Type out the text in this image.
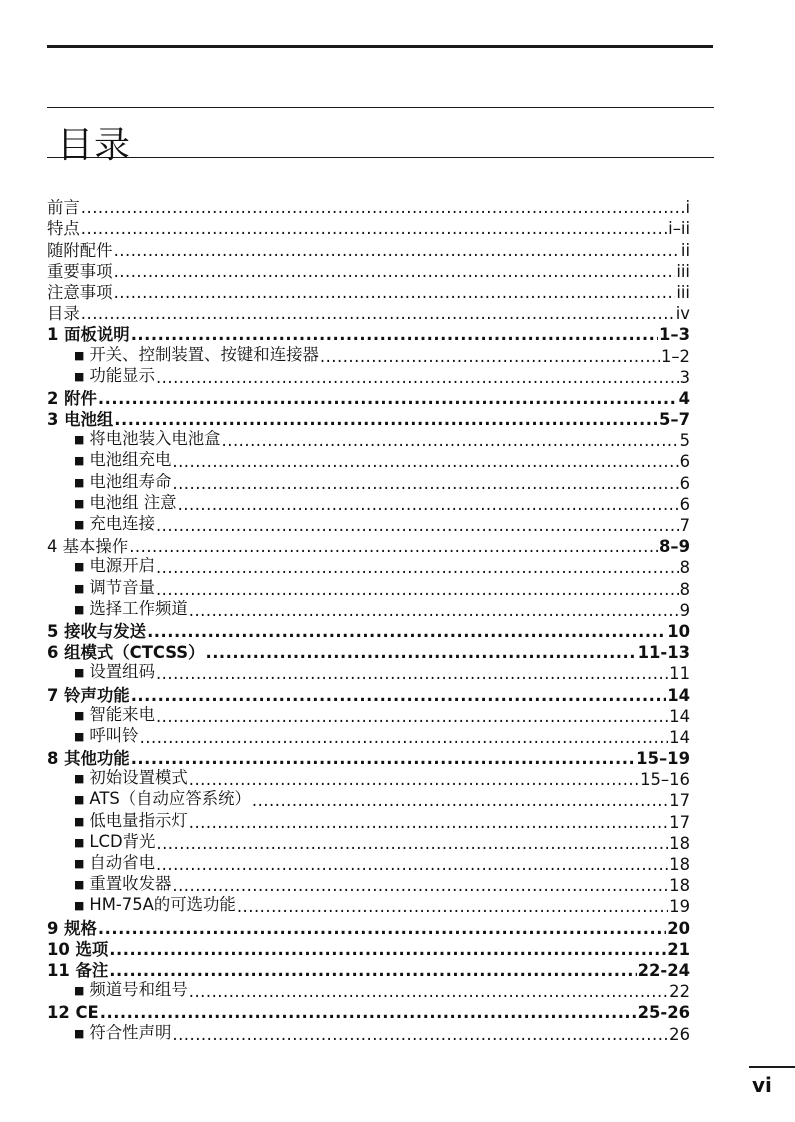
目录
前言 .....	i
特点 .....	i–ii
随附配件 .....	ii
重要事项 .....	iii
注意事项 .....	iii
目录 .....	iv
1 面板说明 .....	1–3
■ 开关、控制装置、按键和连接器 .....	1–2
■ 功能显示 .....	3
2 附件 .....	4
3 电池组 .....	5–7
■ 将电池装入电池盒 .....	5
■ 电池组充电 .....	6
■ 电池组寿命 .....	6
■ 电池组 注意 .....	6
■ 充电连接 .....	7
4 基本操作 .....	8–9
■ 电源开启 .....	8
■ 调节音量 .....	8
■ 选择工作频道 .....	9
5 接收与发送 .....	10
6 组模式（CTCSS） .....	11-13
■ 设置组码 .....	11
7 铃声功能 .....	14
■ 智能来电 .....	14
■ 呼叫铃 .....	14
8 其他功能 .....	15–19
■ 初始设置模式 .....	15–16
■ ATS（自动应答系统） .....	17
■ 低电量指示灯 .....	17
■ LCD背光 .....	18
■ 自动省电 .....	18
■ 重置收发器 .....	18
■ HM-75A的可选功能 .....	19
9 规格 .....	20
10 选项 .....	21
11 备注 .....	22-24
■ 频道号和组号 .....	22
12 CE .....	25-26
■ 符合性声明 .....	26
vi
